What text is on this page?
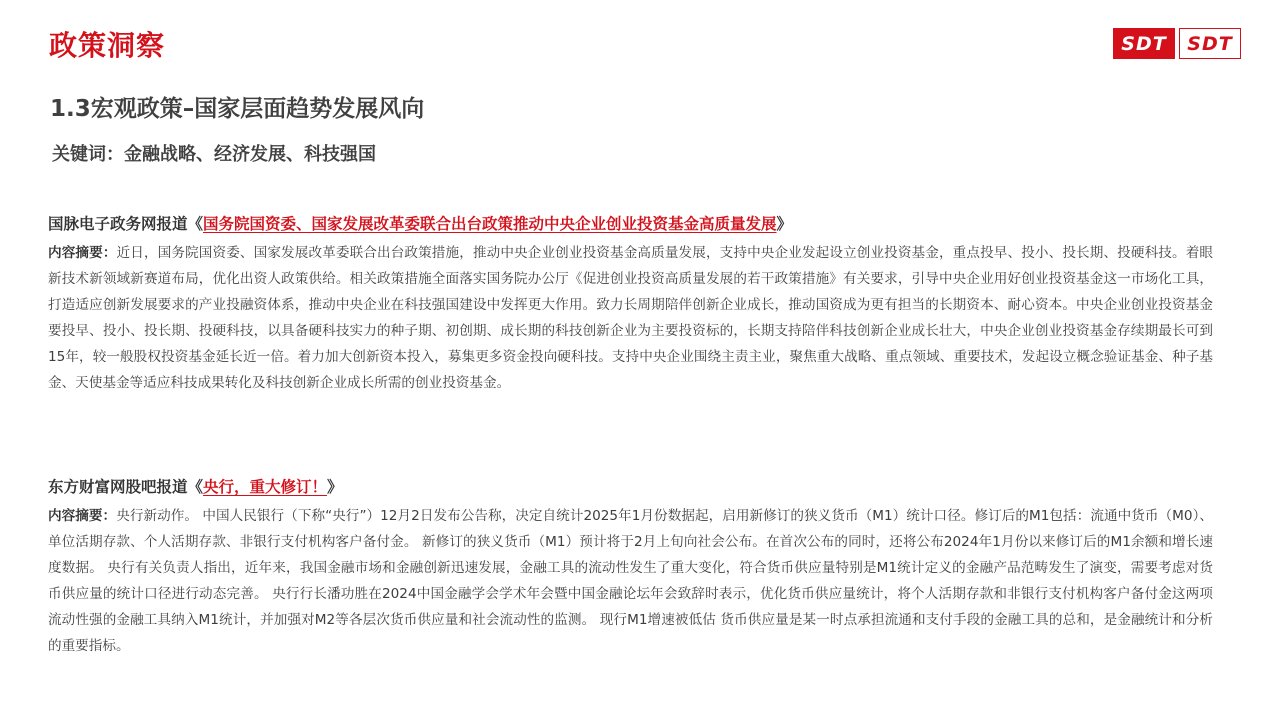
政策洞察	SDT	SDT
1.3宏观政策–国家层面趋势发展风向
关键词：金融战略、经济发展、科技强国
国脉电子政务网报道《国务院国资委、国家发展改革委联合出台政策推动中央企业创业投资基金高质量发展》
内容摘要：近日，国务院国资委、国家发展改革委联合出台政策措施，推动中央企业创业投资基金高质量发展，支持中央企业发起设立创业投资基金，重点投早、投小、投长期、投硬科技。着眼新技术新领域新赛道布局，优化出资人政策供给。相关政策措施全面落实国务院办公厅《促进创业投资高质量发展的若干政策措施》有关要求，引导中央企业用好创业投资基金这一市场化工具，打造适应创新发展要求的产业投融资体系，推动中央企业在科技强国建设中发挥更大作用。致力长周期陪伴创新企业成长，推动国资成为更有担当的长期资本、耐心资本。中央企业创业投资基金要投早、投小、投长期、投硬科技，以具备硬科技实力的种子期、初创期、成长期的科技创新企业为主要投资标的，长期支持陪伴科技创新企业成长壮大，中央企业创业投资基金存续期最长可到15年，较一般股权投资基金延长近一倍。着力加大创新资本投入，募集更多资金投向硬科技。支持中央企业围绕主责主业，聚焦重大战略、重点领域、重要技术，发起设立概念验证基金、种子基金、天使基金等适应科技成果转化及科技创新企业成长所需的创业投资基金。
东方财富网股吧报道《央行，重大修订！》
内容摘要：央行新动作。 中国人民银行（下称“央行”）12月2日发布公告称，决定自统计2025年1月份数据起，启用新修订的狭义货币（M1）统计口径。修订后的M1包括：流通中货币（M0）、单位活期存款、个人活期存款、非银行支付机构客户备付金。 新修订的狭义货币（M1）预计将于2月上旬向社会公布。在首次公布的同时，还将公布2024年1月份以来修订后的M1余额和增长速度数据。 央行有关负责人指出，近年来，我国金融市场和金融创新迅速发展，金融工具的流动性发生了重大变化，符合货币供应量特别是M1统计定义的金融产品范畴发生了演变，需要考虑对货币供应量的统计口径进行动态完善。 央行行长潘功胜在2024中国金融学会学术年会暨中国金融论坛年会致辞时表示，优化货币供应量统计，将个人活期存款和非银行支付机构客户备付金这两项流动性强的金融工具纳入M1统计，并加强对M2等各层次货币供应量和社会流动性的监测。 现行M1增速被低估 货币供应量是某一时点承担流通和支付手段的金融工具的总和，是金融统计和分析的重要指标。
